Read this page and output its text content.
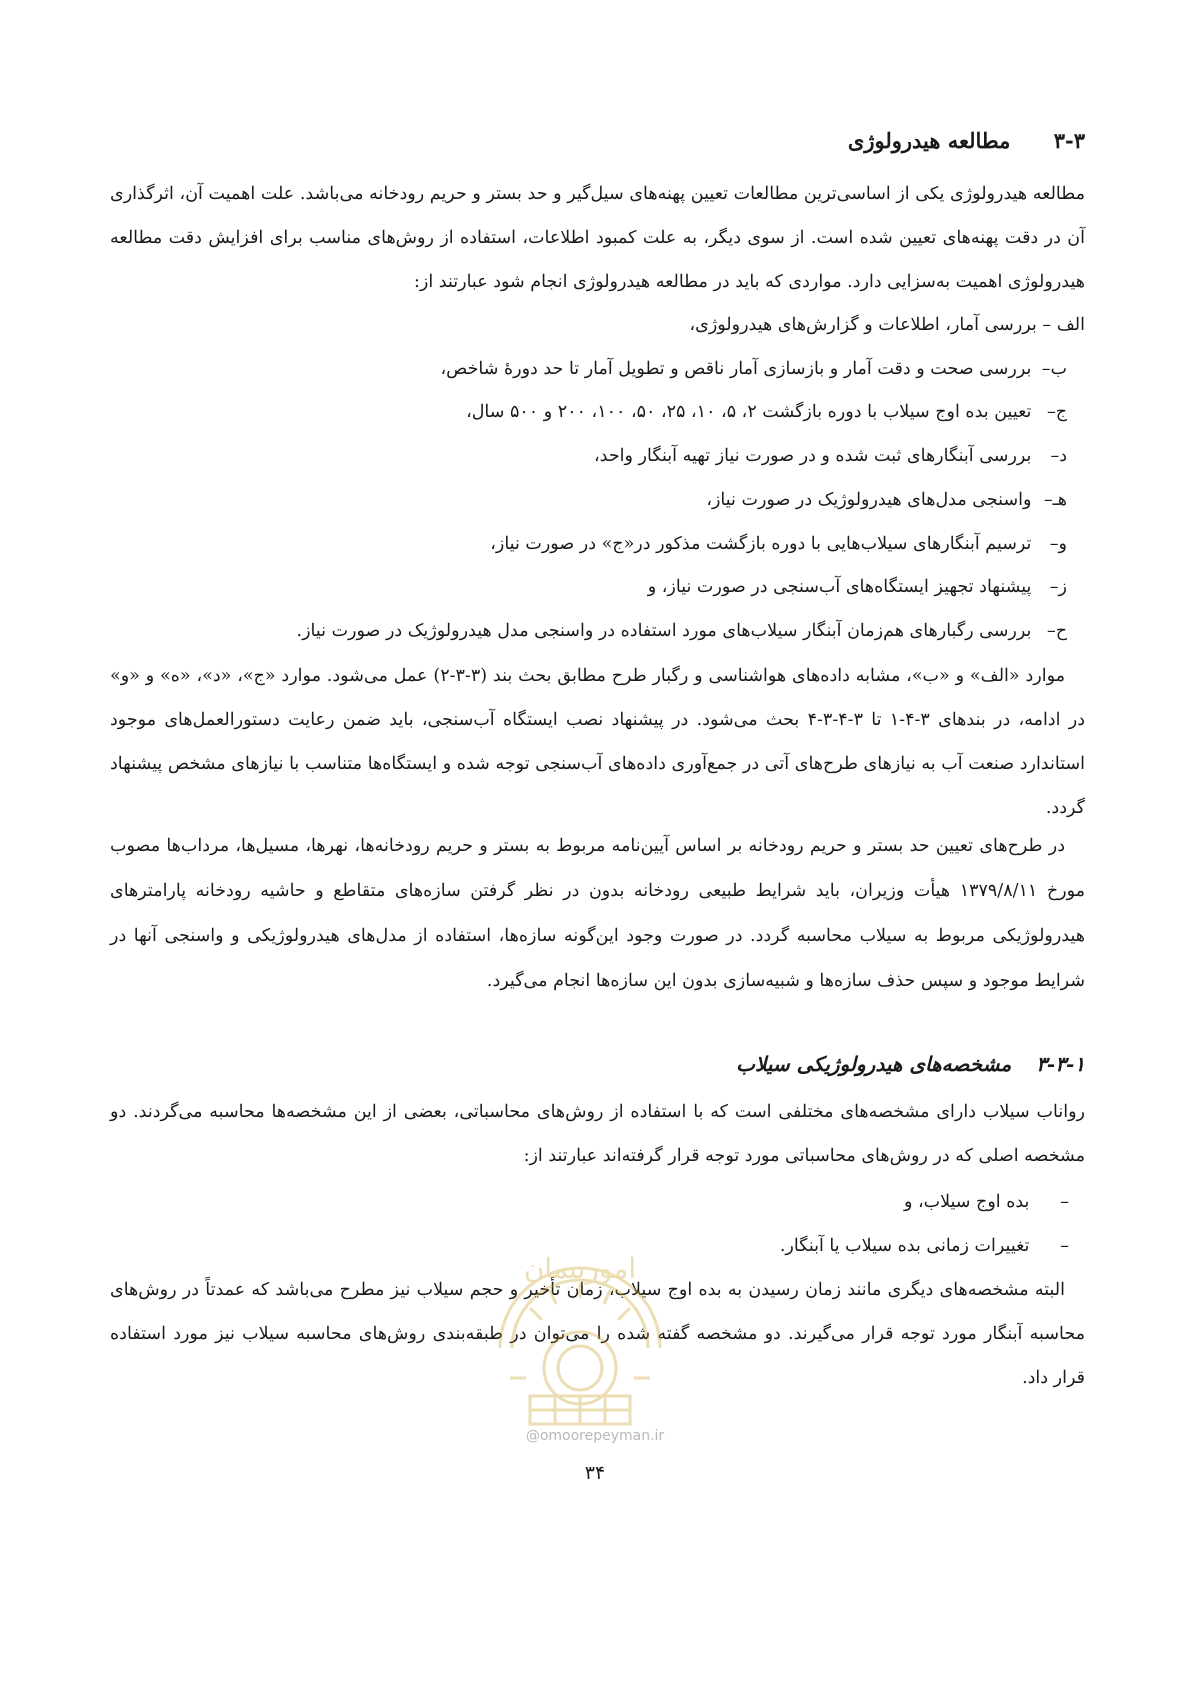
۳-۳ مطالعه هیدرولوژی

مطالعه هیدرولوژی یکی از اساسی‌ترین مطالعات تعیین پهنه‌های سیل‌گیر و حد بستر و حریم رودخانه می‌باشد. علت اهمیت آن، اثرگذاری آن در دقت پهنه‌های تعیین شده است. از سوی دیگر، به علت کمبود اطلاعات، استفاده از روش‌های مناسب برای افزایش دقت مطالعه هیدرولوژی اهمیت به‌سزایی دارد. مواردی که باید در مطالعه هیدرولوژی انجام شود عبارتند از:

الف – بررسی آمار، اطلاعات و گزارش‌های هیدرولوژی،
ب– بررسی صحت و دقت آمار و بازسازی آمار ناقص و تطویل آمار تا حد دورهٔ شاخص،
ج– تعیین بده اوج سیلاب با دوره بازگشت ۲، ۵، ۱۰، ۲۵، ۵۰، ۱۰۰، ۲۰۰ و ۵۰۰ سال،
د– بررسی آبنگارهای ثبت شده و در صورت نیاز تهیه آبنگار واحد،
هـ– واسنجی مدل‌های هیدرولوژیک در صورت نیاز،
و– ترسیم آبنگارهای سیلاب‌هایی با دوره بازگشت مذکور در«ج» در صورت نیاز،
ز– پیشنهاد تجهیز ایستگاه‌های آب‌سنجی در صورت نیاز، و
ح– بررسی رگبارهای هم‌زمان آبنگار سیلاب‌های مورد استفاده در واسنجی مدل هیدرولوژیک در صورت نیاز.

موارد «الف» و «ب»، مشابه داده‌های هواشناسی و رگبار طرح مطابق بحث بند (۳-۳-۲) عمل می‌شود. موارد «ج»، «د»، «ه» و «و» در ادامه، در بندهای ۳-۴-۱ تا ۳-۴-۳-۴ بحث می‌شود. در پیشنهاد نصب ایستگاه آب‌سنجی، باید ضمن رعایت دستورالعمل‌های موجود استاندارد صنعت آب به نیازهای طرح‌های آتی در جمع‌آوری داده‌های آب‌سنجی توجه شده و ایستگاه‌ها متناسب با نیازهای مشخص پیشنهاد گردد.

در طرح‌های تعیین حد بستر و حریم رودخانه بر اساس آیین‌نامه مربوط به بستر و حریم رودخانه‌ها، نهرها، مسیل‌ها، مرداب‌ها مصوب مورخ ۱۳۷۹/۸/۱۱ هیأت وزیران، باید شرایط طبیعی رودخانه بدون در نظر گرفتن سازه‌های متقاطع و حاشیه رودخانه پارامترهای هیدرولوژیکی مربوط به سیلاب محاسبه گردد. در صورت وجود این‌گونه سازه‌ها، استفاده از مدل‌های هیدرولوژیکی و واسنجی آنها در شرایط موجود و سپس حذف سازه‌ها و شبیه‌سازی بدون این سازه‌ها انجام می‌گیرد.

۳-۳-۱ مشخصه‌های هیدرولوژیکی سیلاب

رواناب سیلاب دارای مشخصه‌های مختلفی است که با استفاده از روش‌های محاسباتی، بعضی از این مشخصه‌ها محاسبه می‌گردند. دو مشخصه اصلی که در روش‌های محاسباتی مورد توجه قرار گرفته‌اند عبارتند از:

– بده اوج سیلاب، و
– تغییرات زمانی بده سیلاب یا آبنگار.

البته مشخصه‌های دیگری مانند زمان رسیدن به بده اوج سیلاب، زمان تأخیر و حجم سیلاب نیز مطرح می‌باشد که عمدتاً در روش‌های محاسبه آبنگار مورد توجه قرار می‌گیرند. دو مشخصه گفته شده را می‌توان در طبقه‌بندی روش‌های محاسبه سیلاب نیز مورد استفاده قرار داد.

امورپیمان
@omoorepeyman.ir
۳۴
